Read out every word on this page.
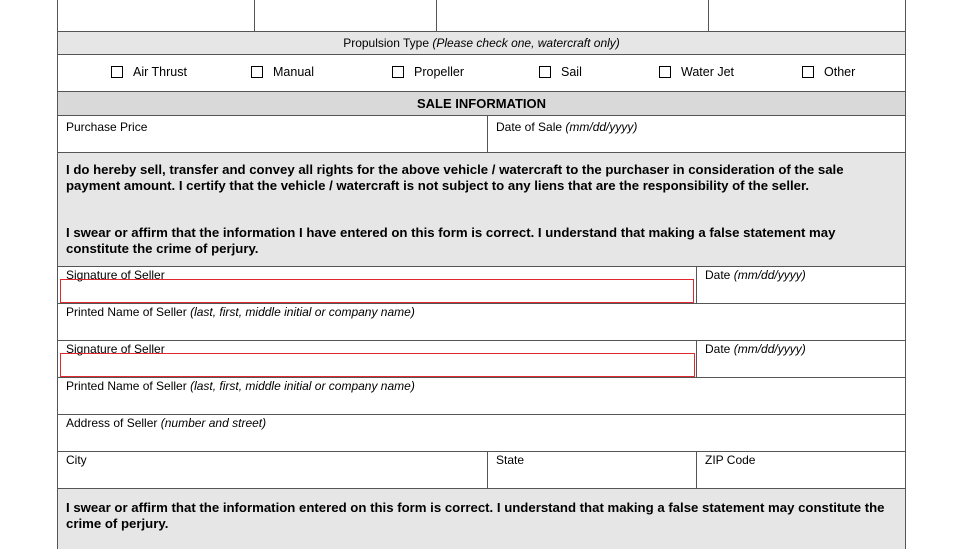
Propulsion Type (Please check one, watercraft only)
Air Thrust	Manual	Propeller	Sail	Water Jet	Other
SALE INFORMATION
Purchase Price	Date of Sale (mm/dd/yyyy)
I do hereby sell, transfer and convey all rights for the above vehicle / watercraft to the purchaser in consideration of the sale payment amount. I certify that the vehicle / watercraft is not subject to any liens that are the responsibility of the seller.
I swear or affirm that the information I have entered on this form is correct. I understand that making a false statement may constitute the crime of perjury.
Signature of Seller	Date (mm/dd/yyyy)
Printed Name of Seller (last, first, middle initial or company name)
Signature of Seller	Date (mm/dd/yyyy)
Printed Name of Seller (last, first, middle initial or company name)
Address of Seller (number and street)
City	State	ZIP Code
I swear or affirm that the information entered on this form is correct. I understand that making a false statement may constitute the crime of perjury.
